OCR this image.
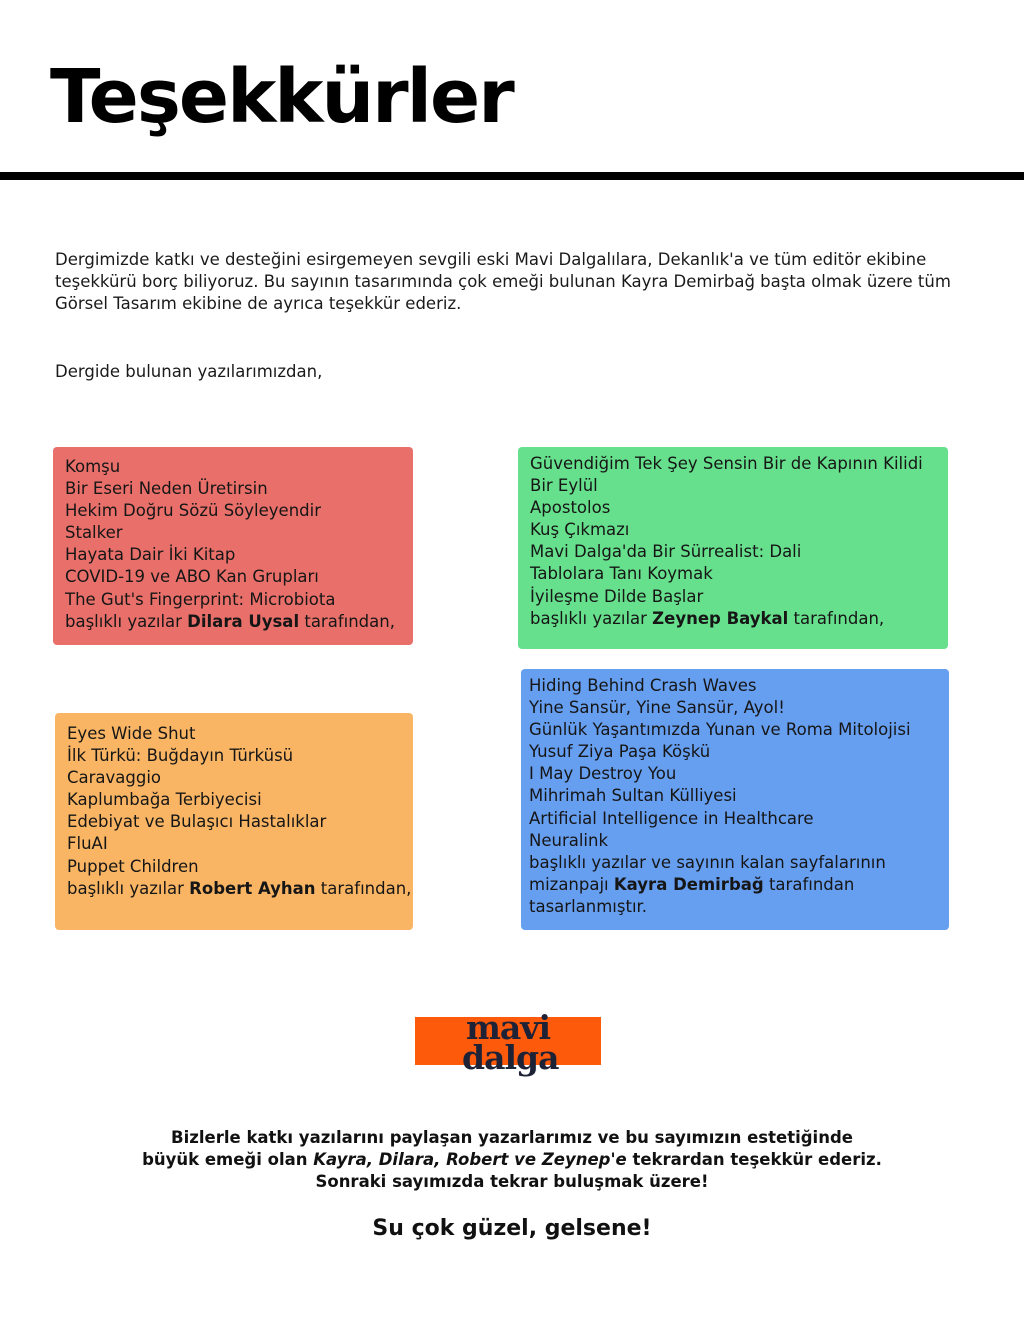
Teşekkürler

Dergimizde katkı ve desteğini esirgemeyen sevgili eski Mavi Dalgalılara, Dekanlık'a ve tüm editör ekibine teşekkürü borç biliyoruz. Bu sayının tasarımında çok emeği bulunan Kayra Demirbağ başta olmak üzere tüm Görsel Tasarım ekibine de ayrıca teşekkür ederiz.

Dergide bulunan yazılarımızdan,

Komşu
Bir Eseri Neden Üretirsin
Hekim Doğru Sözü Söyleyendir
Stalker
Hayata Dair İki Kitap
COVID-19 ve ABO Kan Grupları
The Gut's Fingerprint: Microbiota
başlıklı yazılar Dilara Uysal tarafından,
Güvendiğim Tek Şey Sensin Bir de Kapının Kilidi
Bir Eylül
Apostolos
Kuş Çıkmazı
Mavi Dalga'da Bir Sürrealist: Dali
Tablolara Tanı Koymak
İyileşme Dilde Başlar
başlıklı yazılar Zeynep Baykal tarafından,
Eyes Wide Shut
İlk Türkü: Buğdayın Türküsü
Caravaggio
Kaplumbağa Terbiyecisi
Edebiyat ve Bulaşıcı Hastalıklar
FluAI
Puppet Children
başlıklı yazılar Robert Ayhan tarafından,
Hiding Behind Crash Waves
Yine Sansür, Yine Sansür, Ayol!
Günlük Yaşantımızda Yunan ve Roma Mitolojisi
Yusuf Ziya Paşa Köşkü
I May Destroy You
Mihrimah Sultan Külliyesi
Artificial Intelligence in Healthcare
Neuralink
başlıklı yazılar ve sayının kalan sayfalarının mizanpajı Kayra Demirbağ tarafından tasarlanmıştır.
mavi
dalga

Bizlerle katkı yazılarını paylaşan yazarlarımız ve bu sayımızın estetiğinde büyük emeği olan Kayra, Dilara, Robert ve Zeynep'e tekrardan teşekkür ederiz. Sonraki sayımızda tekrar buluşmak üzere!

Su çok güzel, gelsene!
